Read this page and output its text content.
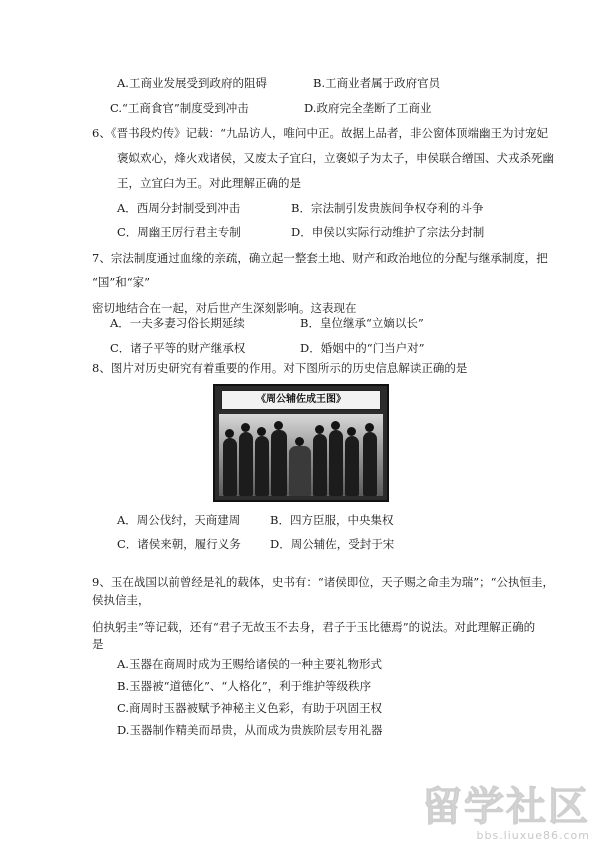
A.工商业发展受到政府的阻碍	B.工商业者属于政府官员
C.“工商食官”制度受到冲击	D.政府完全垄断了工商业
6、《晋书段灼传》记载：“九品访人，唯问中正。故据上品者，非公窗体顶端幽王为讨宠妃
褒姒欢心，烽火戏诸侯，又废太子宜臼，立褒姒子为太子，申侯联合缯国、犬戎杀死幽
王，立宜臼为王。对此理解正确的是
A．西周分封制受到冲击	B．宗法制引发贵族间争权夺利的斗争
C．周幽王厉行君主专制	D．申侯以实际行动维护了宗法分封制
7、宗法制度通过血缘的亲疏，确立起一整套土地、财产和政治地位的分配与继承制度，把
“国”和“家”
密切地结合在一起，对后世产生深刻影响。这表现在
A．一夫多妻习俗长期延续	B．皇位继承“立嫡以长”
C．诸子平等的财产继承权	D．婚姻中的“门当户对”
8、图片对历史研究有着重要的作用。对下图所示的历史信息解读正确的是
《周公辅佐成王图》
A．周公伐纣，天商建周	B．四方臣服，中央集权
C．诸侯来朝，履行义务	D．周公辅佐，受封于宋
9、玉在战国以前曾经是礼的载体，史书有：“诸侯即位，天子赐之命圭为瑞”；“公执恒圭，
侯执信圭，
伯执躬圭”等记载，还有“君子无故玉不去身，君子于玉比德焉”的说法。对此理解正确的
是
A.玉器在商周时成为王赐给诸侯的一种主要礼物形式
B.玉器被“道德化”、“人格化”，利于维护等级秩序
C.商周时玉器被赋予神秘主义色彩，有助于巩固王权
D.玉器制作精美而昂贵，从而成为贵族阶层专用礼器
留学社区
bbs.liuxue86.com
